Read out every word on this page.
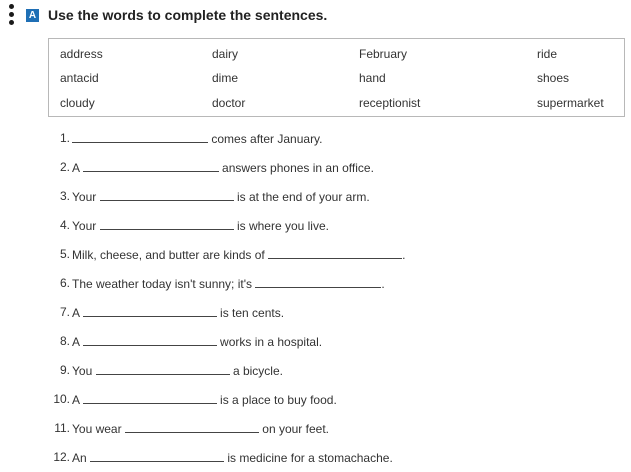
A Use the words to complete the sentences.
address	dairy	February	ride
antacid	dime	hand	shoes
cloudy	doctor	receptionist	supermarket
1.	comes after January.
2. A	answers phones in an office.
3. Your	is at the end of your arm.
4. Your	is where you live.
5. Milk, cheese, and butter are kinds of	.
6. The weather today isn't sunny; it's	.
7. A	is ten cents.
8. A	works in a hospital.
9. You	a bicycle.
10. A	is a place to buy food.
11. You wear	on your feet.
12. An	is medicine for a stomachache.
